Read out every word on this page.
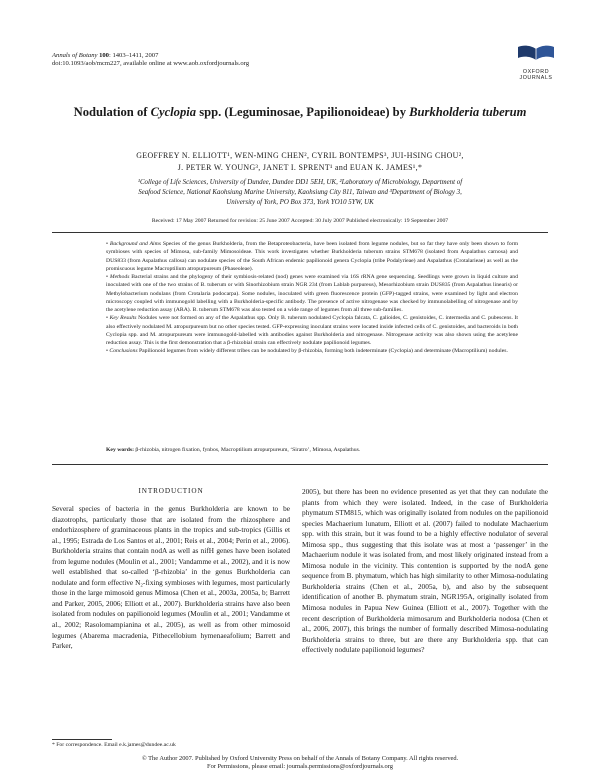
Annals of Botany 100: 1403–1411, 2007
doi:10.1093/aob/mcm227, available online at www.aob.oxfordjournals.org
OXFORD JOURNALS
Nodulation of Cyclopia spp. (Leguminosae, Papilionoideae) by Burkholderia tuberum
GEOFFREY N. ELLIOTT¹, WEN-MING CHEN², CYRIL BONTEMPS³, JUI-HSING CHOU²,
J. PETER W. YOUNG³, JANET I. SPRENT¹ and EUAN K. JAMES¹,*
¹College of Life Sciences, University of Dundee, Dundee DD1 5EH, UK, ²Laboratory of Microbiology, Department of
Seafood Science, National Kaohsiung Marine University, Kaohsiung City 811, Taiwan and ³Department of Biology 3,
University of York, PO Box 373, York YO10 5YW, UK
Received: 17 May 2007 Returned for revision: 25 June 2007 Accepted: 30 July 2007 Published electronically: 19 September 2007

• Background and Aims Species of the genus Burkholderia, from the Betaproteobacteria, have been isolated from legume nodules, but so far they have only been shown to form symbioses with species of Mimosa, sub-family Mimosoideae. This work investigates whether Burkholderia tuberum strains STM678 (isolated from Aspalathus carnosa) and DUS833 (from Aspalathus callosa) can nodulate species of the South African endemic papilionoid genera Cyclopia (tribe Podalyrieae) and Aspalathus (Crotalarieae) as well as the promiscuous legume Macroptilium atropurpureum (Phaseoleae).

• Methods Bacterial strains and the phylogeny of their symbiosis-related (nod) genes were examined via 16S rRNA gene sequencing. Seedlings were grown in liquid culture and inoculated with one of the two strains of B. tuberum or with Sinorhizobium strain NGR 234 (from Lablab purpureus), Mesorhizobium strain DUS835 (from Aspalathus linearis) or Methylobacterium nodulans (from Crotalaria podocarpa). Some nodules, inoculated with green fluorescence protein (GFP)-tagged strains, were examined by light and electron microscopy coupled with immunogold labelling with a Burkholderia-specific antibody. The presence of active nitrogenase was checked by immunolabelling of nitrogenase and by the acetylene reduction assay (ARA). B. tuberum STM678 was also tested on a wide range of legumes from all three sub-families.

• Key Results Nodules were not formed on any of the Aspalathus spp. Only B. tuberum nodulated Cyclopia falcata, C. galioides, C. genistoides, C. intermedia and C. pubescens. It also effectively nodulated M. atropurpureum but no other species tested. GFP-expressing inoculant strains were located inside infected cells of C. genistoides, and bacteroids in both Cyclopia spp. and M. atropurpureum were immunogold-labelled with antibodies against Burkholderia and nitrogenase. Nitrogenase activity was also shown using the acetylene reduction assay. This is the first demonstration that a β-rhizobial strain can effectively nodulate papilionoid legumes.

• Conclusions Papilionoid legumes from widely different tribes can be nodulated by β-rhizobia, forming both indeterminate (Cyclopia) and determinate (Macroptilium) nodules.

Key words: β-rhizobia, nitrogen fixation, fynbos, Macroptilium atropurpureum, ‘Siratro’, Mimosa, Aspalathus.
INTRODUCTION
Several species of bacteria in the genus Burkholderia are known to be diazotrophs, particularly those that are isolated from the rhizosphere and endorhizosphere of graminaceous plants in the tropics and sub-tropics (Gillis et al., 1995; Estrada de Los Santos et al., 2001; Reis et al., 2004; Perin et al., 2006). Burkholderia strains that contain nodA as well as nifH genes have been isolated from legume nodules (Moulin et al., 2001; Vandamme et al., 2002), and it is now well established that so-called ‘β-rhizobia’ in the genus Burkholderia can nodulate and form effective N₂-fixing symbioses with legumes, most particularly those in the large mimosoid genus Mimosa (Chen et al., 2003a, 2005a, b; Barrett and Parker, 2005, 2006; Elliott et al., 2007). Burkholderia strains have also been isolated from nodules on papilionoid legumes (Moulin et al., 2001; Vandamme et al., 2002; Rasolomampianina et al., 2005), as well as from other mimosoid legumes (Abarema macradenia, Pithecellobium hymenaeafolium; Barrett and Parker,
2005), but there has been no evidence presented as yet that they can nodulate the plants from which they were isolated. Indeed, in the case of Burkholderia phymatum STM815, which was originally isolated from nodules on the papilionoid species Machaerium lunatum, Elliott et al. (2007) failed to nodulate Machaerium spp. with this strain, but it was found to be a highly effective nodulator of several Mimosa spp., thus suggesting that this isolate was at most a ‘passenger’ in the Machaerium nodule it was isolated from, and most likely originated instead from a Mimosa nodule in the vicinity. This contention is supported by the nodA gene sequence from B. phymatum, which has high similarity to other Mimosa-nodulating Burkholderia strains (Chen et al., 2005a, b), and also by the subsequent identification of another B. phymatum strain, NGR195A, originally isolated from Mimosa nodules in Papua New Guinea (Elliott et al., 2007). Together with the recent description of Burkholderia mimosarum and Burkholderia nodosa (Chen et al., 2006, 2007), this brings the number of formally described Mimosa-nodulating Burkholderia strains to three, but are there any Burkholderia spp. that can effectively nodulate papilionoid legumes?
* For correspondence. Email e.k.james@dundee.ac.uk
© The Author 2007. Published by Oxford University Press on behalf of the Annals of Botany Company. All rights reserved.
For Permissions, please email: journals.permissions@oxfordjournals.org
